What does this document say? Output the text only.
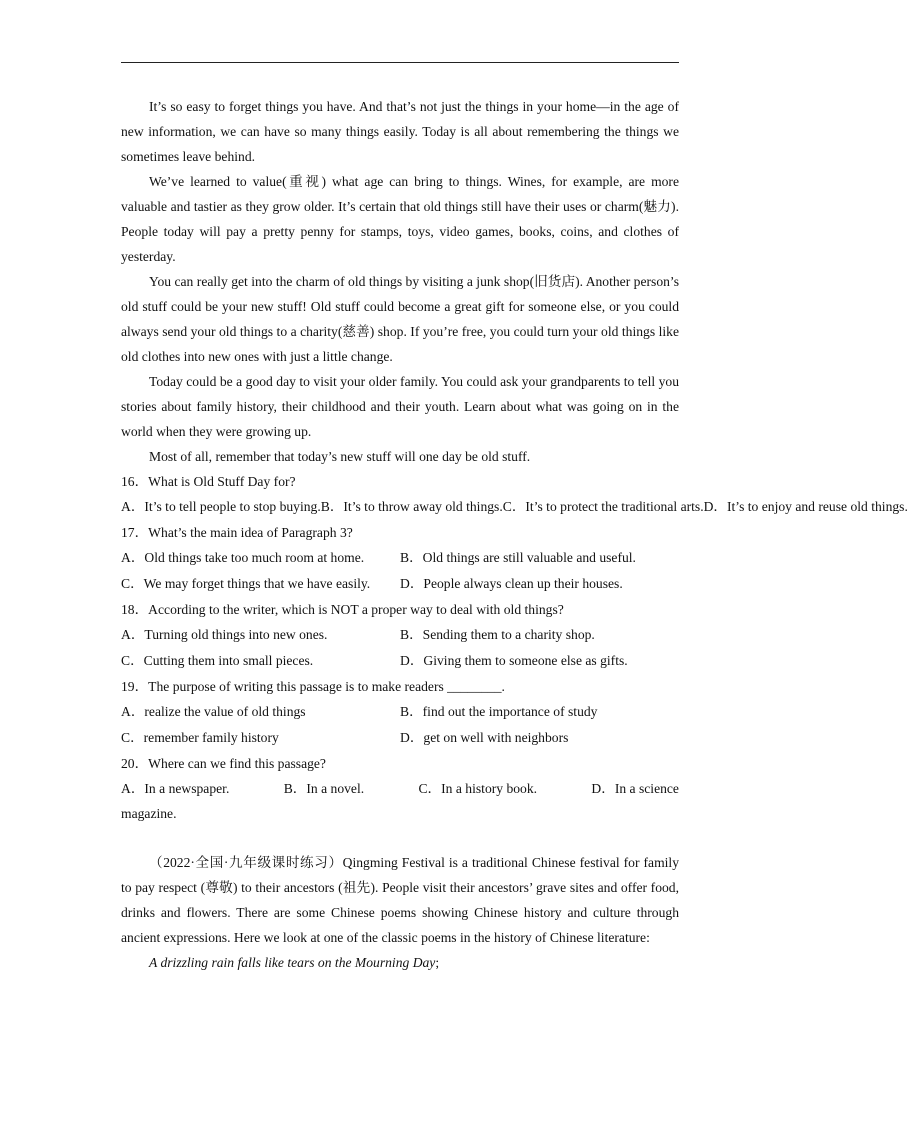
It’s so easy to forget things you have. And that’s not just the things in your home—in the age of new information, we can have so many things easily. Today is all about remembering the things we sometimes leave behind.

We’ve learned to value(重视) what age can bring to things. Wines, for example, are more valuable and tastier as they grow older. It’s certain that old things still have their uses or charm(魅力). People today will pay a pretty penny for stamps, toys, video games, books, coins, and clothes of yesterday.

You can really get into the charm of old things by visiting a junk shop(旧货店). Another person’s old stuff could be your new stuff! Old stuff could become a great gift for someone else, or you could always send your old things to a charity(慈善) shop. If you’re free, you could turn your old things like old clothes into new ones with just a little change.

Today could be a good day to visit your older family. You could ask your grandparents to tell you stories about family history, their childhood and their youth. Learn about what was going on in the world when they were growing up.

Most of all, remember that today’s new stuff will one day be old stuff.

16．What is Old Stuff Day for?

A．It’s to tell people to stop buying. B．It’s to throw away old things. C．It’s to protect the traditional arts. D．It’s to enjoy and reuse old things.

17．What’s the main idea of Paragraph 3?

A．Old things take too much room at home.	B．Old things are still valuable and useful.
C．We may forget things that we have easily.	D．People always clean up their houses.

18．According to the writer, which is NOT a proper way to deal with old things?

A．Turning old things into new ones.	B．Sending them to a charity shop.
C．Cutting them into small pieces.	D．Giving them to someone else as gifts.

19．The purpose of writing this passage is to make readers ________.

A．realize the value of old things	B．find out the importance of study
C．remember family history	D．get on well with neighbors

20．Where can we find this passage?

A．In a newspaper.	B．In a novel.	C．In a history book.	D．In a science

magazine.

（2022·全国·九年级课时练习）Qingming Festival is a traditional Chinese festival for family to pay respect (尊敬) to their ancestors (祖先). People visit their ancestors’ grave sites and offer food, drinks and flowers. There are some Chinese poems showing Chinese history and culture through ancient expressions. Here we look at one of the classic poems in the history of Chinese literature:

A drizzling rain falls like tears on the Mourning Day;
